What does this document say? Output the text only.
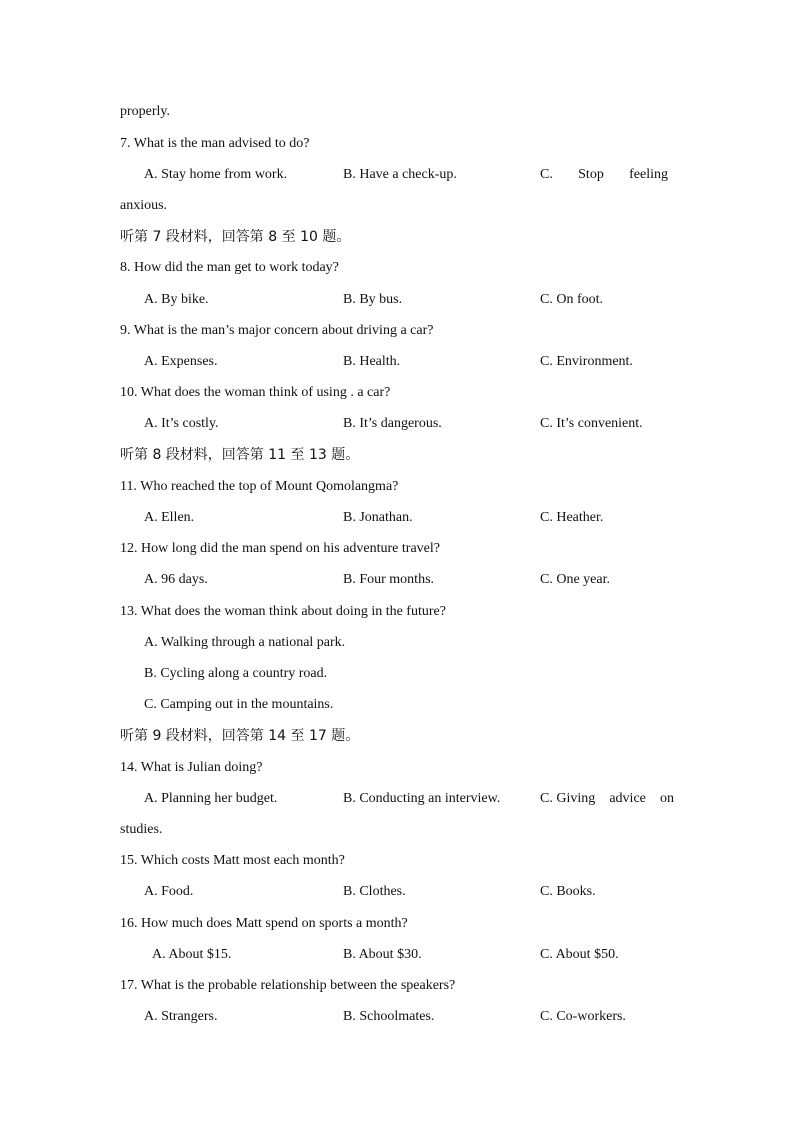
properly.
7. What is the man advised to do?
A. Stay home from work.	B. Have a check-up.	C. Stop feeling
anxious.
听第 7 段材料，回答第 8 至 10 题。
8. How did the man get to work today?
A. By bike.	B. By bus.	C. On foot.
9. What is the man’s major concern about driving a car?
A. Expenses.	B. Health.	C. Environment.
10. What does the woman think of using . a car?
A. It’s costly.	B. It’s dangerous.	C. It’s convenient.
听第 8 段材料，回答第 11 至 13 题。
11. Who reached the top of Mount Qomolangma?
A. Ellen.	B. Jonathan.	C. Heather.
12. How long did the man spend on his adventure travel?
A. 96 days.	B. Four months.	C. One year.
13. What does the woman think about doing in the future?
A. Walking through a national park.
B. Cycling along a country road.
C. Camping out in the mountains.
听第 9 段材料，回答第 14 至 17 题。
14. What is Julian doing?
A. Planning her budget.	B. Conducting an interview.	C. Giving advice on
studies.
15. Which costs Matt most each month?
A. Food.	B. Clothes.	C. Books.
16. How much does Matt spend on sports a month?
A. About $15.	B. About $30.	C. About $50.
17. What is the probable relationship between the speakers?
A. Strangers.	B. Schoolmates.	C. Co-workers.
